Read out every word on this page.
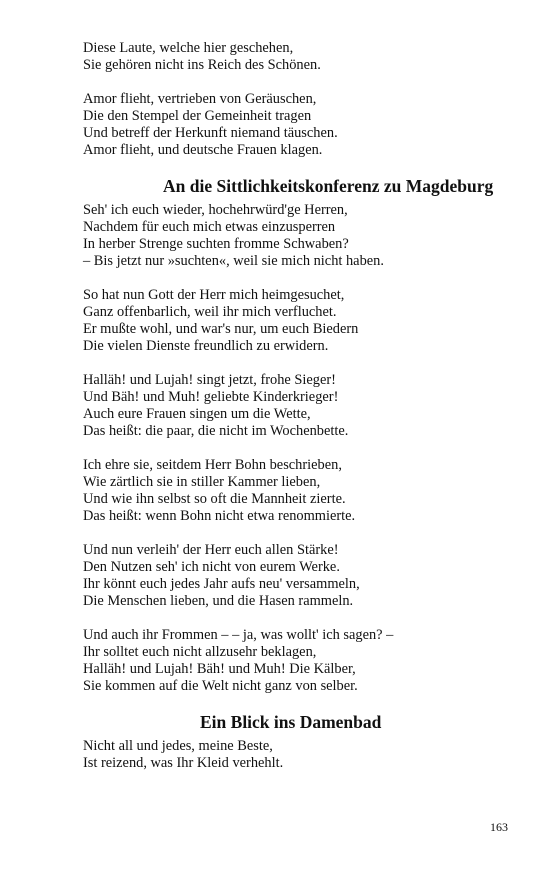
Diese Laute, welche hier geschehen,
Sie gehören nicht ins Reich des Schönen.
Amor flieht, vertrieben von Geräuschen,
Die den Stempel der Gemeinheit tragen
Und betreff der Herkunft niemand täuschen.
Amor flieht, und deutsche Frauen klagen.
An die Sittlichkeitskonferenz zu Magdeburg
Seh' ich euch wieder, hochehrwürd'ge Herren,
Nachdem für euch mich etwas einzusperren
In herber Strenge suchten fromme Schwaben?
– Bis jetzt nur »suchten«, weil sie mich nicht haben.
So hat nun Gott der Herr mich heimgesuchet,
Ganz offenbarlich, weil ihr mich verfluchet.
Er mußte wohl, und war's nur, um euch Biedern
Die vielen Dienste freundlich zu erwidern.
Halläh! und Lujah! singt jetzt, frohe Sieger!
Und Bäh! und Muh! geliebte Kinderkrieger!
Auch eure Frauen singen um die Wette,
Das heißt: die paar, die nicht im Wochenbette.
Ich ehre sie, seitdem Herr Bohn beschrieben,
Wie zärtlich sie in stiller Kammer lieben,
Und wie ihn selbst so oft die Mannheit zierte.
Das heißt: wenn Bohn nicht etwa renommierte.
Und nun verleih' der Herr euch allen Stärke!
Den Nutzen seh' ich nicht von eurem Werke.
Ihr könnt euch jedes Jahr aufs neu' versammeln,
Die Menschen lieben, und die Hasen rammeln.
Und auch ihr Frommen – – ja, was wollt' ich sagen? –
Ihr solltet euch nicht allzusehr beklagen,
Halläh! und Lujah! Bäh! und Muh! Die Kälber,
Sie kommen auf die Welt nicht ganz von selber.
Ein Blick ins Damenbad
Nicht all und jedes, meine Beste,
Ist reizend, was Ihr Kleid verhehlt.
163
